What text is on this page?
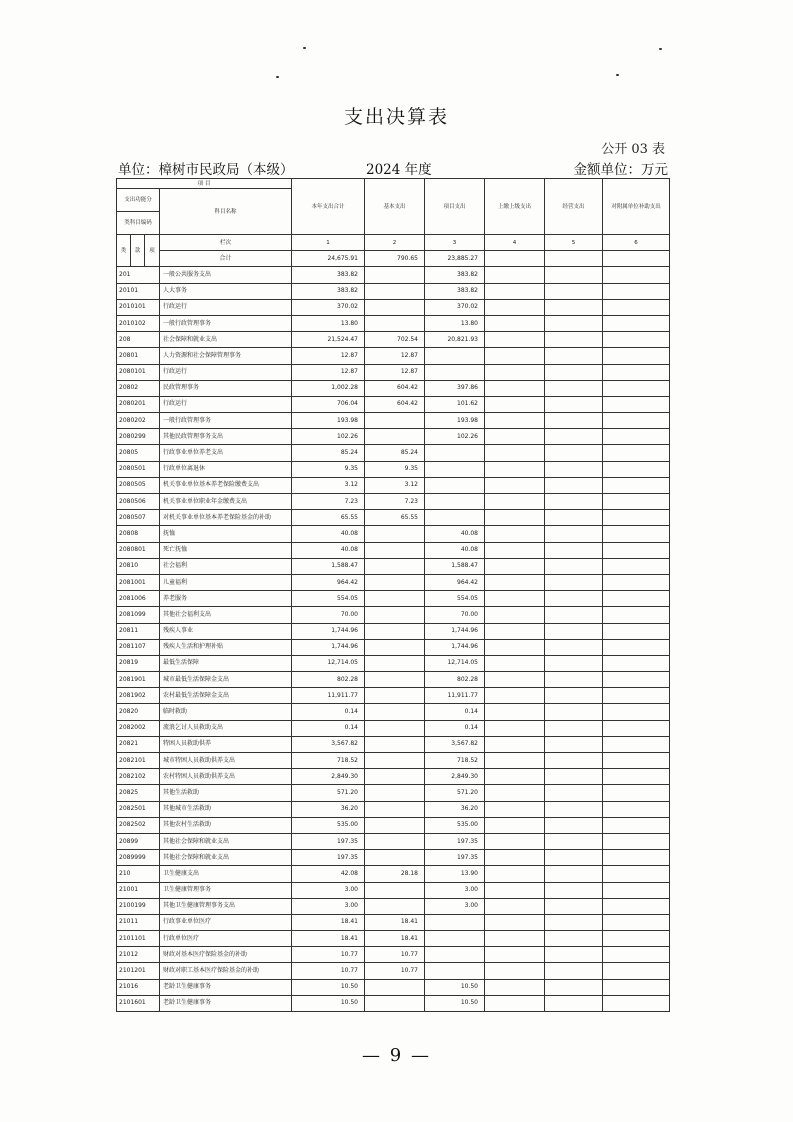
支出决算表
公开 03 表
单位：樟树市民政局（本级）	2024 年度	金额单位：万元
项 目				本年支出合计	基本支出	项目支出	上缴上级支出	经营支出	对附属单位补助支出
支出功能分			科目名称						
类科目编码									
类	款	项	栏次	1	2	3	4	5	6
			合计	24,675.91	790.65	23,885.27			
201			一般公共服务支出	383.82		383.82			
20101			人大事务	383.82		383.82			
2010101			行政运行	370.02		370.02			
2010102			一般行政管理事务	13.80		13.80			
208			社会保障和就业支出	21,524.47	702.54	20,821.93			
20801			人力资源和社会保障管理事务	12.87	12.87				
2080101			行政运行	12.87	12.87				
20802			民政管理事务	1,002.28	604.42	397.86			
2080201			行政运行	706.04	604.42	101.62			
2080202			一般行政管理事务	193.98		193.98			
2080299			其他民政管理事务支出	102.26		102.26			
20805			行政事业单位养老支出	85.24	85.24				
2080501			行政单位离退休	9.35	9.35				
2080505			机关事业单位基本养老保险缴费支出	3.12	3.12				
2080506			机关事业单位职业年金缴费支出	7.23	7.23				
2080507			对机关事业单位基本养老保险基金的补助	65.55	65.55				
20808			抚恤	40.08		40.08			
2080801			死亡抚恤	40.08		40.08			
20810			社会福利	1,588.47		1,588.47			
2081001			儿童福利	964.42		964.42			
2081006			养老服务	554.05		554.05			
2081099			其他社会福利支出	70.00		70.00			
20811			残疾人事业	1,744.96		1,744.96			
2081107			残疾人生活和护理补贴	1,744.96		1,744.96			
20819			最低生活保障	12,714.05		12,714.05			
2081901			城市最低生活保障金支出	802.28		802.28			
2081902			农村最低生活保障金支出	11,911.77		11,911.77			
20820			临时救助	0.14		0.14			
2082002			流浪乞讨人员救助支出	0.14		0.14			
20821			特困人员救助供养	3,567.82		3,567.82			
2082101			城市特困人员救助供养支出	718.52		718.52			
2082102			农村特困人员救助供养支出	2,849.30		2,849.30			
20825			其他生活救助	571.20		571.20			
2082501			其他城市生活救助	36.20		36.20			
2082502			其他农村生活救助	535.00		535.00			
20899			其他社会保障和就业支出	197.35		197.35			
2089999			其他社会保障和就业支出	197.35		197.35			
210			卫生健康支出	42.08	28.18	13.90			
21001			卫生健康管理事务	3.00		3.00			
2100199			其他卫生健康管理事务支出	3.00		3.00			
21011			行政事业单位医疗	18.41	18.41				
2101101			行政单位医疗	18.41	18.41				
21012			财政对基本医疗保险基金的补助	10.77	10.77				
2101201			财政对职工基本医疗保险基金的补助	10.77	10.77				
21016			老龄卫生健康事务	10.50		10.50			
2101601			老龄卫生健康事务	10.50		10.50			
— 9 —
